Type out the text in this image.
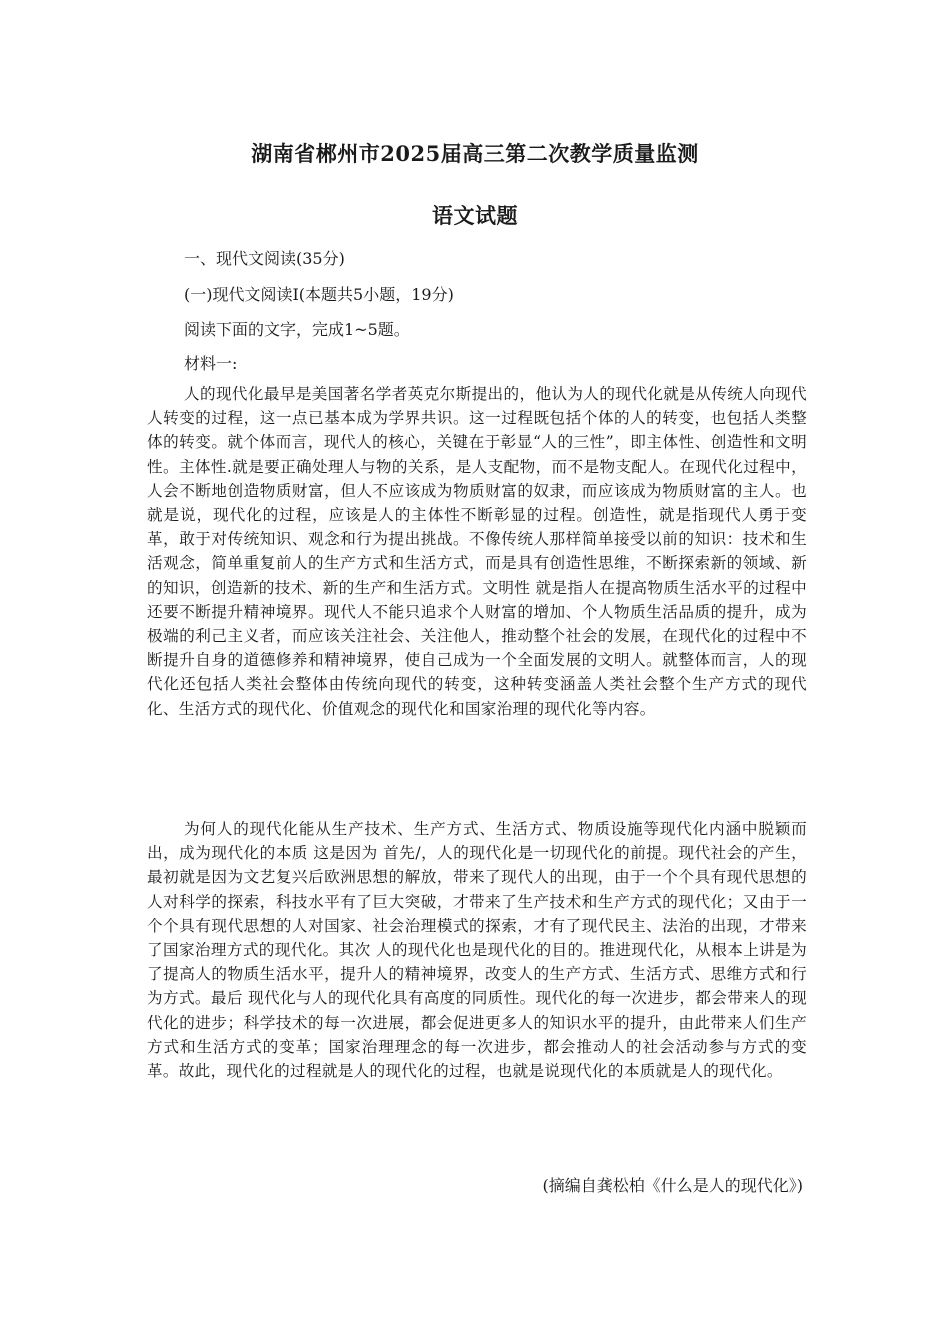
湖南省郴州市2025届高三第二次教学质量监测
语文试题
一、现代文阅读(35分)
(一)现代文阅读Ⅰ(本题共5小题，19分)
阅读下面的文字，完成1~5题。
材料一:

人的现代化最早是美国著名学者英克尔斯提出的，他认为人的现代化就是从传统人向现代人转变的过程，这一点已基本成为学界共识。这一过程既包括个体的人的转变，也包括人类整体的转变。就个体而言，现代人的核心，关键在于彰显“人的三性”，即主体性、创造性和文明性。主体性.就是要正确处理人与物的关系，是人支配物，而不是物支配人。在现代化过程中，人会不断地创造物质财富，但人不应该成为物质财富的奴隶，而应该成为物质财富的主人。也就是说，现代化的过程，应该是人的主体性不断彰显的过程。创造性，就是指现代人勇于变革，敢于对传统知识、观念和行为提出挑战。不像传统人那样简单接受以前的知识：技术和生活观念，简单重复前人的生产方式和生活方式，而是具有创造性思维，不断探索新的领域、新的知识，创造新的技术、新的生产和生活方式。文明性 就是指人在提高物质生活水平的过程中还要不断提升精神境界。现代人不能只追求个人财富的增加、个人物质生活品质的提升，成为极端的利己主义者，而应该关注社会、关注他人，推动整个社会的发展，在现代化的过程中不断提升自身的道德修养和精神境界，使自己成为一个全面发展的文明人。就整体而言，人的现代化还包括人类社会整体由传统向现代的转变，这种转变涵盖人类社会整个生产方式的现代化、生活方式的现代化、价值观念的现代化和国家治理的现代化等内容。

为何人的现代化能从生产技术、生产方式、生活方式、物质设施等现代化内涵中脱颖而出，成为现代化的本质 这是因为 首先/，人的现代化是一切现代化的前提。现代社会的产生，最初就是因为文艺复兴后欧洲思想的解放，带来了现代人的出现，由于一个个具有现代思想的人对科学的探索，科技水平有了巨大突破，才带来了生产技术和生产方式的现代化；又由于一个个具有现代思想的人对国家、社会治理模式的探索，才有了现代民主、法治的出现，才带来了国家治理方式的现代化。其次 人的现代化也是现代化的目的。推进现代化，从根本上讲是为了提高人的物质生活水平，提升人的精神境界，改变人的生产方式、生活方式、思维方式和行为方式。最后 现代化与人的现代化具有高度的同质性。现代化的每一次进步，都会带来人的现代化的进步；科学技术的每一次进展，都会促进更多人的知识水平的提升，由此带来人们生产方式和生活方式的变革；国家治理理念的每一次进步，都会推动人的社会活动参与方式的变革。故此，现代化的过程就是人的现代化的过程，也就是说现代化的本质就是人的现代化。

(摘编自龚松柏《什么是人的现代化》)
